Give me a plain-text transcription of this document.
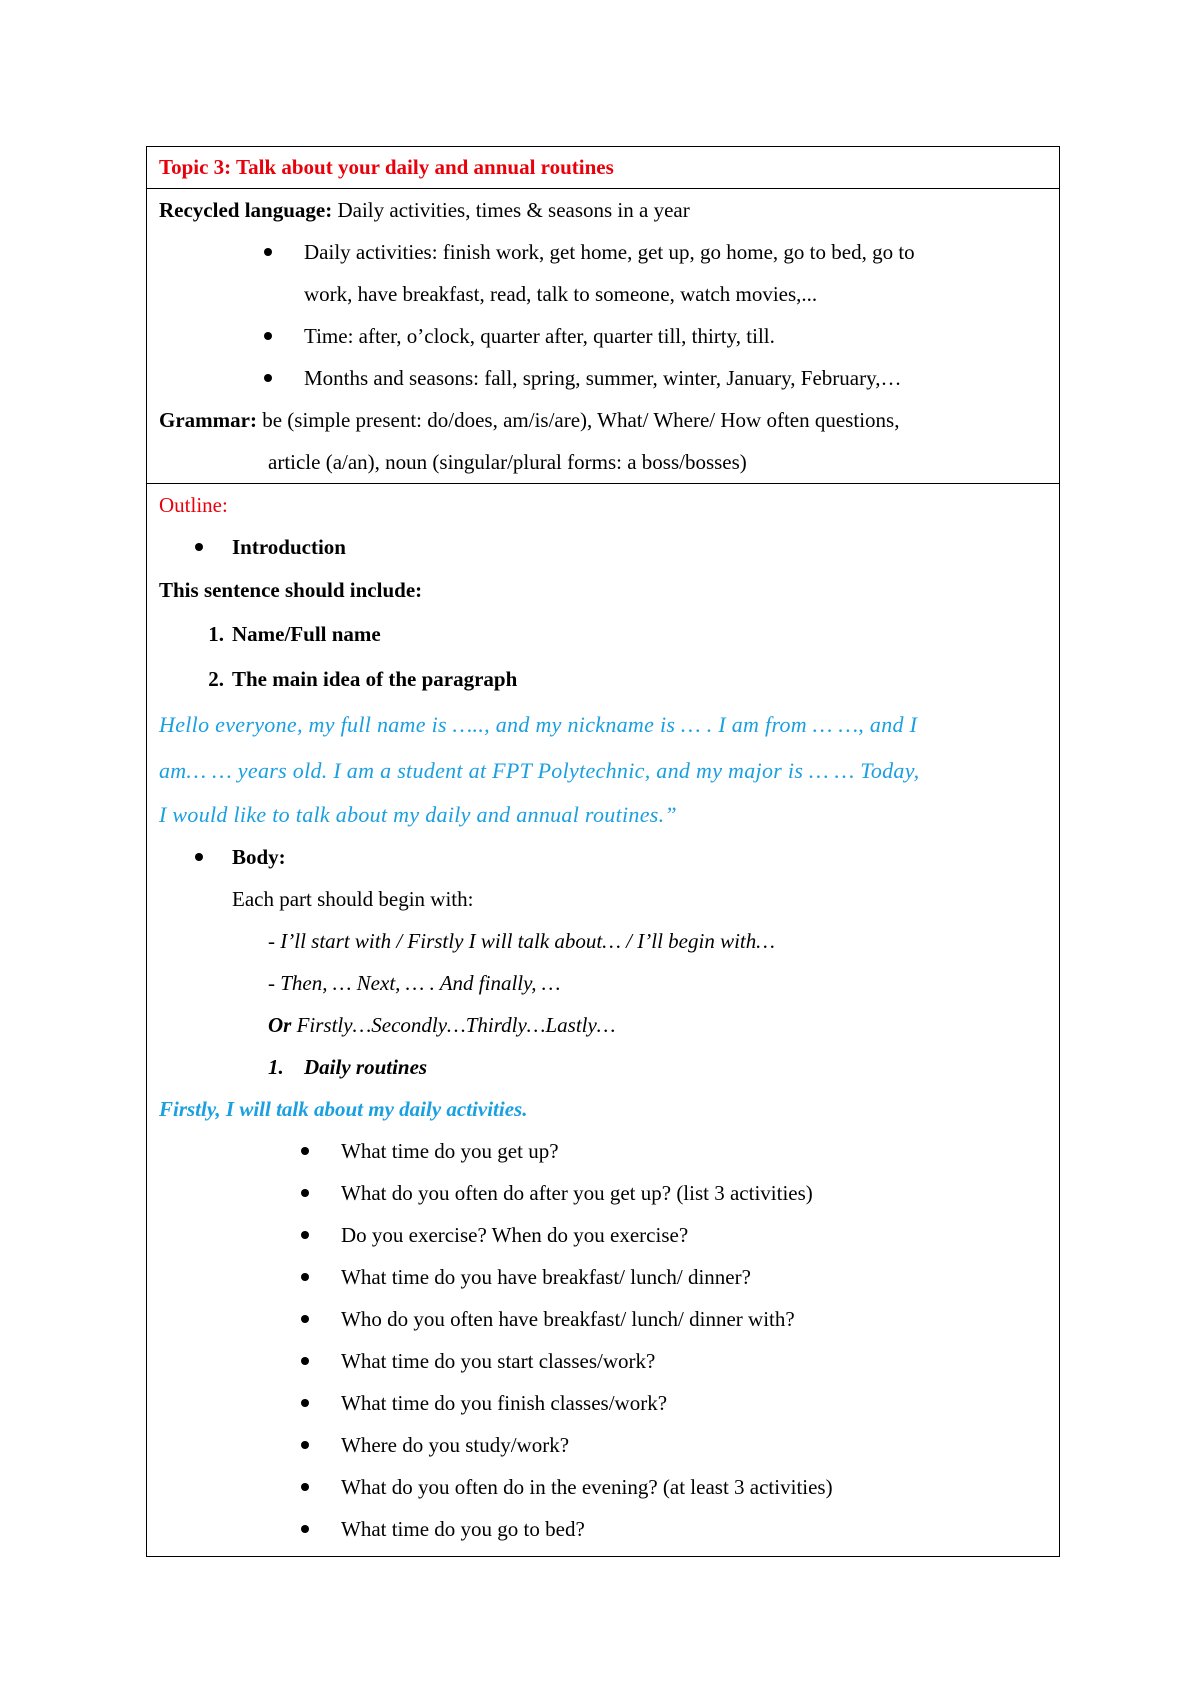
Topic 3: Talk about your daily and annual routines
Recycled language: Daily activities, times & seasons in a year
Daily activities: finish work, get home, get up, go home, go to bed, go to
work, have breakfast, read, talk to someone, watch movies,...
Time: after, o’clock, quarter after, quarter till, thirty, till.
Months and seasons: fall, spring, summer, winter, January, February,…
Grammar: be (simple present: do/does, am/is/are), What/ Where/ How often questions,
article (a/an), noun (singular/plural forms: a boss/bosses)
Outline:
Introduction
This sentence should include:
1. Name/Full name
2. The main idea of the paragraph
Hello everyone, my full name is ….., and my nickname is … . I am from … …, and I
am… … years old. I am a student at FPT Polytechnic, and my major is … … Today,
I would like to talk about my daily and annual routines.”
Body:
Each part should begin with:
- I’ll start with / Firstly I will talk about… / I’ll begin with…
- Then, … Next, … . And finally, …
Or Firstly…Secondly…Thirdly…Lastly…
1. Daily routines
Firstly, I will talk about my daily activities.
What time do you get up?
What do you often do after you get up? (list 3 activities)
Do you exercise? When do you exercise?
What time do you have breakfast/ lunch/ dinner?
Who do you often have breakfast/ lunch/ dinner with?
What time do you start classes/work?
What time do you finish classes/work?
Where do you study/work?
What do you often do in the evening? (at least 3 activities)
What time do you go to bed?
